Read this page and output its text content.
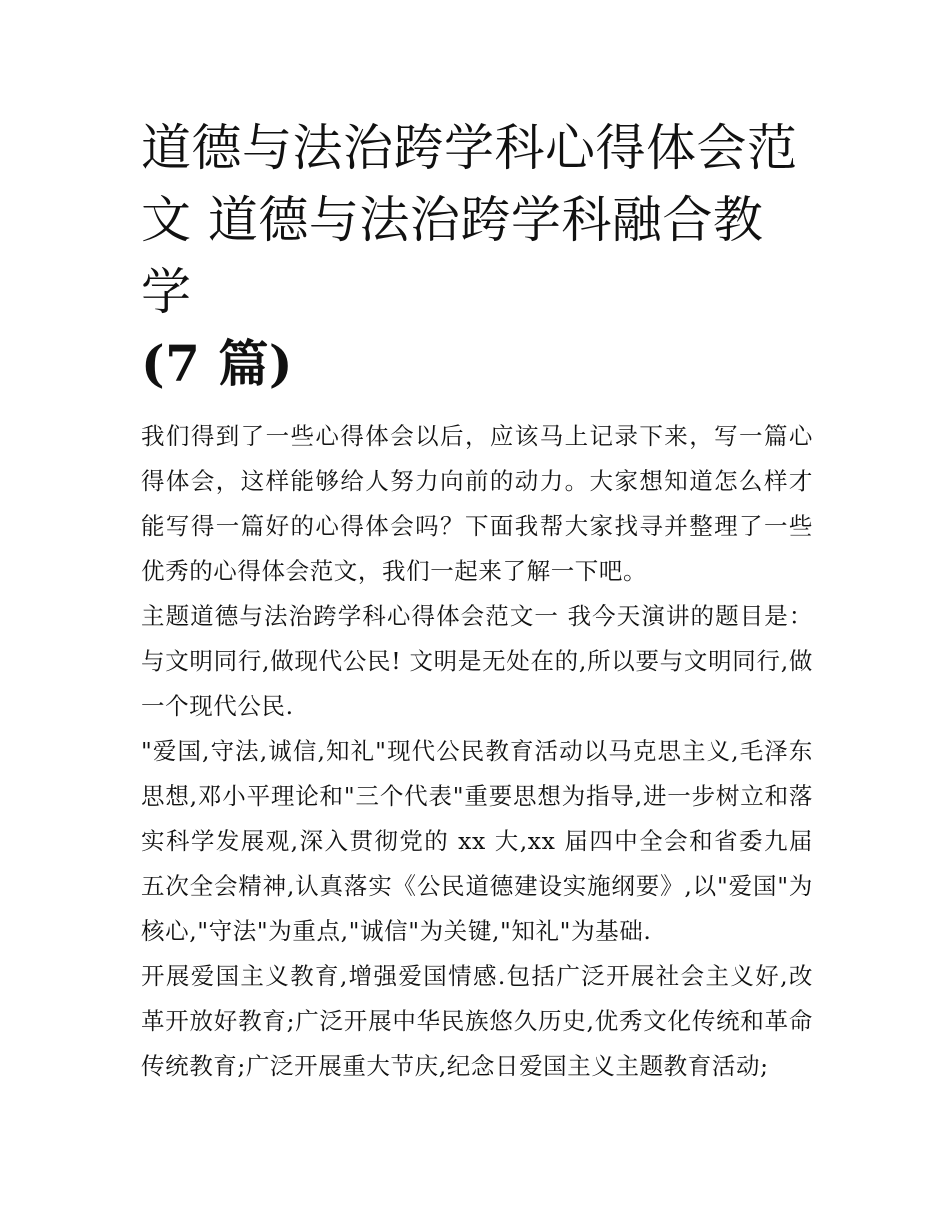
道德与法治跨学科心得体会范文 道德与法治跨学科融合教学
(7 篇)

我们得到了一些心得体会以后，应该马上记录下来，写一篇心得体会，这样能够给人努力向前的动力。大家想知道怎么样才能写得一篇好的心得体会吗？下面我帮大家找寻并整理了一些优秀的心得体会范文，我们一起来了解一下吧。

主题道德与法治跨学科心得体会范文一 我今天演讲的题目是：与文明同行,做现代公民! 文明是无处在的,所以要与文明同行,做一个现代公民.

"爱国,守法,诚信,知礼"现代公民教育活动以马克思主义,毛泽东思想,邓小平理论和"三个代表"重要思想为指导,进一步树立和落实科学发展观,深入贯彻党的 xx 大,xx 届四中全会和省委九届五次全会精神,认真落实《公民道德建设实施纲要》,以"爱国"为核心,"守法"为重点,"诚信"为关键,"知礼"为基础.

开展爱国主义教育,增强爱国情感.包括广泛开展社会主义好,改革开放好教育;广泛开展中华民族悠久历史,优秀文化传统和革命传统教育;广泛开展重大节庆,纪念日爱国主义主题教育活动;
